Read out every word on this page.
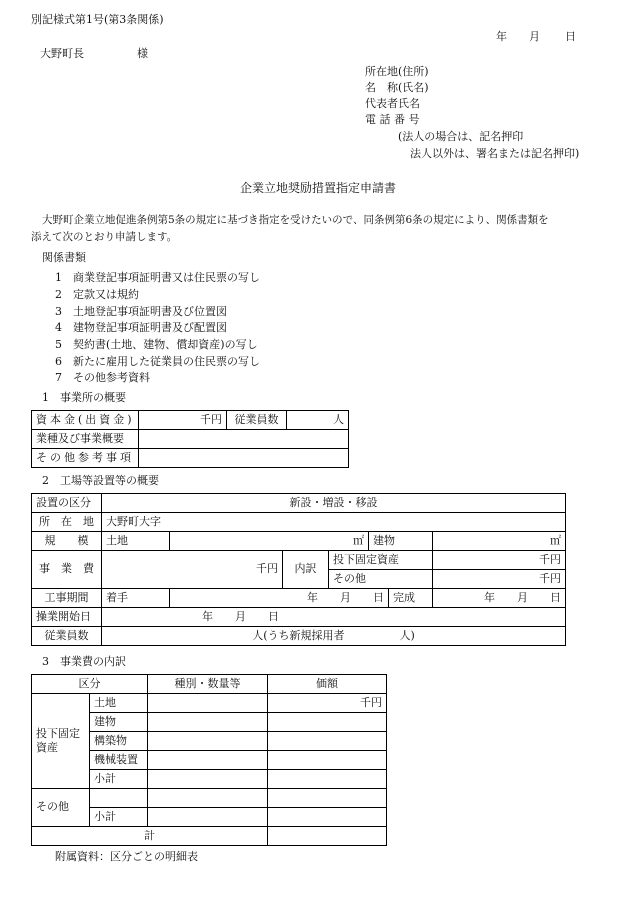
別記様式第1号(第3条関係)
年 月 日
大野町長	様
所在地(住所)
名　称(氏名)
代表者氏名
電 話 番 号
(法人の場合は、記名押印
法人以外は、署名または記名押印)
企業立地奨励措置指定申請書
大野町企業立地促進条例第5条の規定に基づき指定を受けたいので、同条例第6条の規定により、関係書類を
添えて次のとおり申請します。
関係書類
1 商業登記事項証明書又は住民票の写し
2 定款又は規約
3 土地登記事項証明書及び位置図
4 建物登記事項証明書及び配置図
5 契約書(土地、建物、償却資産)の写し
6 新たに雇用した従業員の住民票の写し
7 その他参考資料
1　事業所の概要
資本金(出資金)	千円	従業員数	人
業種及び事業概要			
その他参考事項			
2　工場等設置等の概要
設置の区分	新設・増設・移設						
所　在　地	大野町大字						
規　　模	土地	㎡			建物		㎡
事　業　費	千円		内訳	投下固定資産			千円
				その他			千円
工事期間	着手	年　　月　　日				完成	年　　月　　日
操業開始日	年　　月　　日						
従業員数	人(うち新規採用者　　　　　人)						
3　事業費の内訳
区分		種別・数量等	価額

投下固定
資産	土地		千円
	建物		
	構築物		
	機械装置		
	小計		
その他			
	小計		
計			
附属資料：区分ごとの明細表
